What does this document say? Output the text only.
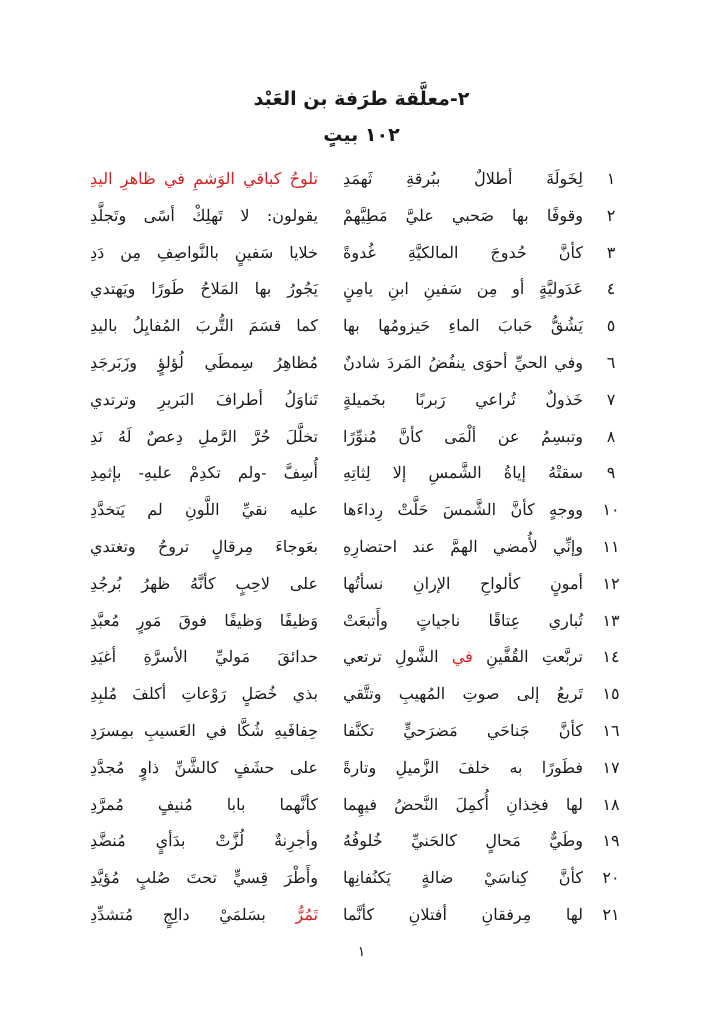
٢-معلَّقة طرَفة بن العَبْد
١٠٢ بيتٍ
١
لِخَولَةَ أطلالٌ ببُرقةِ ثَهمَدِ
تلوحُ كباقي الوَشمِ في ظاهرِ اليدِ
٢
وقوفًا بها صَحبي عليَّ مَطِيَّهمْ
يقولون: لا تَهلِكْ أسًى وتَجلَّدِ
٣
كأنَّ حُدوجَ المالكيَّةِ غُدوةً
خلايا سَفينٍ بالنَّواصِفِ مِن دَدِ
٤
عَدَوليَّةٍ أو مِن سَفينِ ابنِ يامِنٍ
يَجُورُ بها المَلاحُ طَورًا ويَهتدي
٥
يَشُقُّ حَبابَ الماءِ حَيزومُها بها
كما قسَمَ التُّربَ المُفايِلُ باليدِ
٦
وفي الحيِّ أحوَى ينفُضُ المَردَ شادنٌ
مُظاهِرُ سِمطَي لُؤلؤٍ وزَبَرجَدِ
٧
خَذولٌ تُراعي رَبربًا بخَميلةٍ
تَناوَلُ أطرافَ البَريرِ وترتدي
٨
وتبسِمُ عن ألْمَى كأنَّ مُنوِّرًا
تخلَّلَ حُرَّ الرَّملِ دِعصٌ لَهُ نَدِ
٩
سقتْهُ إياةُ الشَّمسِ إلا لِثاتِهِ
أُسِفَّ -ولم تكدِمْ عليهِ- بإثمِدِ
١٠
ووجهٍ كأنَّ الشَّمسَ حَلَّتْ رِداءَها
عليه نقيِّ اللَّونِ لم يَتخدَّدِ
١١
وإنِّي لأُمضي الهمَّ عند احتضارِهِ
بعَوجاءَ مِرقالٍ تروحُ وتغتدي
١٢
أمونٍ كألواحِ الإرانِ نسأتُها
على لاحِبٍ كأنَّهُ ظهرُ بُرجُدِ
١٣
تُباري عِتاقًا ناجياتٍ وأَتبعَتْ
وَظيفًا وَظيفًا فوقَ مَورٍ مُعبَّدِ
١٤
تربَّعتِ القُفَّينِ في الشَّولِ ترتعي
حدائقَ مَوليِّ الأسرَّةِ أغيَدِ
١٥
تَريعُ إلى صوتِ المُهيبِ وتتَّقي
بذي خُصَلٍ رَوْعاتِ أكلفَ مُلبِدِ
١٦
كأنَّ جَناحَي مَضرَحيٍّ تكنَّفا
حِفافَيهِ شُكَّا في العَسيبِ بمِسرَدِ
١٧
فطَورًا به خلفَ الزَّميلِ وتارةً
على حشَفٍ كالشَّنِّ ذاوٍ مُجدَّدِ
١٨
لها فخِذانِ أُكمِلَ النَّحضُ فيهِما
كأنَّهما بابا مُنيفٍ مُمرَّدِ
١٩
وطَيٌّ مَحالٍ كالحَنيِّ خُلوفُهُ
وأجرِنةٌ لُزَّتْ بدَأيٍ مُنضَّدِ
٢٠
كأنَّ كِناسَيْ ضالةٍ يَكنُفانِها
وأَطْرَ قِسيٍّ تحتَ صُلبٍ مُؤيَّدِ
٢١
لها مِرفقانِ أفتلانِ كأنَّما
تَمُرُّ بسَلمَيْ دالِجٍ مُتشدِّدِ
١
